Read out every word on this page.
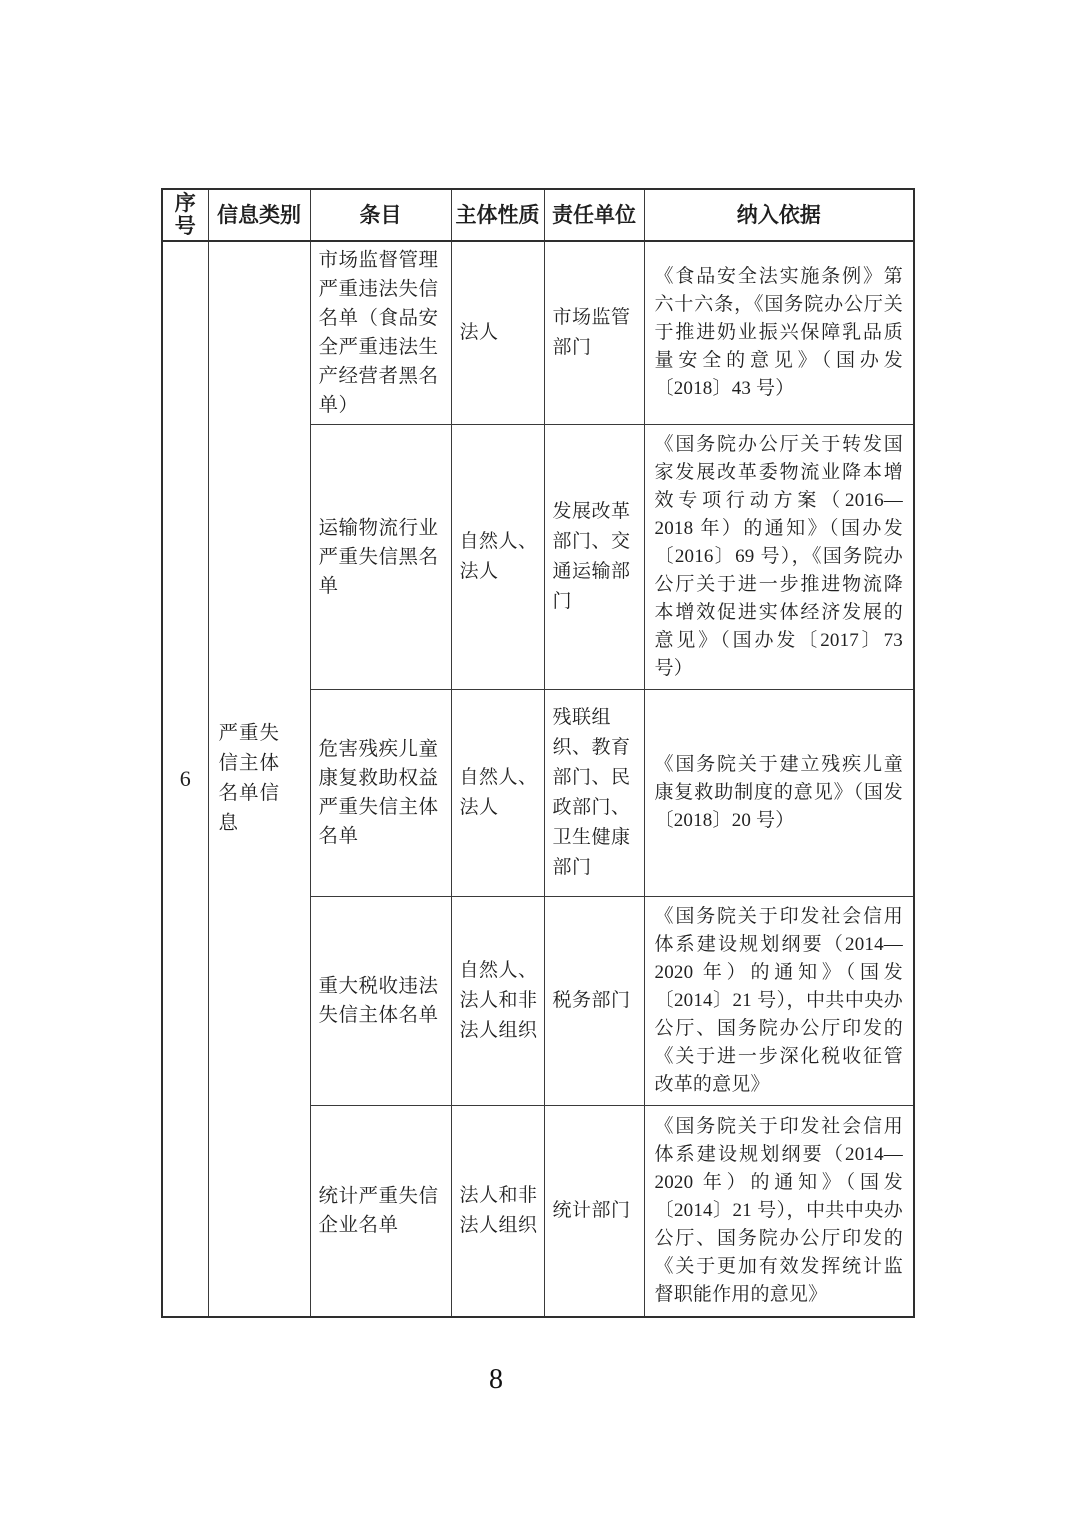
序号	信息类别	条目	主体性质	责任单位	纳入依据
6	严重失信主体名单信息	市场监督管理严重违法失信名单（食品安全严重违法生产经营者黑名单）	法人	市场监管部门	《食品安全法实施条例》第六十六条，《国务院办公厅关于推进奶业振兴保障乳品质量安全的意见》（国办发〔2018〕43 号）
		运输物流行业严重失信黑名单	自然人、法人	发展改革部门、交通运输部门	《国务院办公厅关于转发国家发展改革委物流业降本增效专项行动方案（2016—2018 年）的通知》（国办发〔2016〕69 号），《国务院办公厅关于进一步推进物流降本增效促进实体经济发展的意见》（国办发〔2017〕73 号）
		危害残疾儿童康复救助权益严重失信主体名单	自然人、法人	残联组织、教育部门、民政部门、卫生健康部门	《国务院关于建立残疾儿童康复救助制度的意见》（国发〔2018〕20 号）
		重大税收违法失信主体名单	自然人、法人和非法人组织	税务部门	《国务院关于印发社会信用体系建设规划纲要（2014—2020 年）的通知》（国发〔2014〕21 号），中共中央办公厅、国务院办公厅印发的《关于进一步深化税收征管改革的意见》
		统计严重失信企业名单	法人和非法人组织	统计部门	《国务院关于印发社会信用体系建设规划纲要（2014—2020 年）的通知》（国发〔2014〕21 号），中共中央办公厅、国务院办公厅印发的《关于更加有效发挥统计监督职能作用的意见》
8
